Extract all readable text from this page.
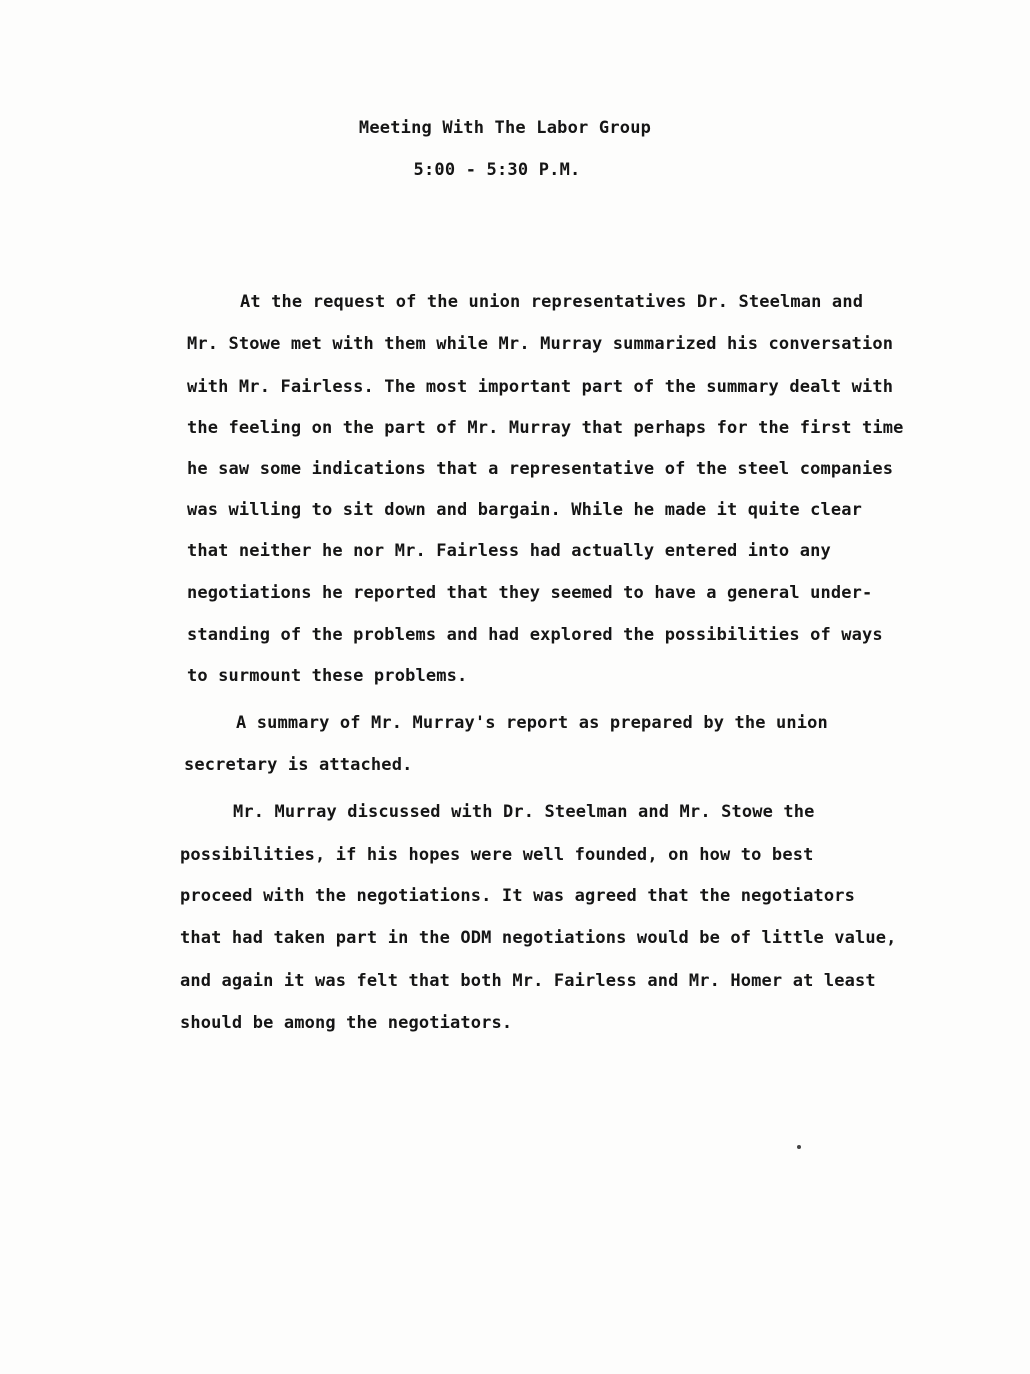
Meeting With The Labor Group
5:00 - 5:30 P.M.
At the request of the union representatives Dr. Steelman and
Mr. Stowe met with them while Mr. Murray summarized his conversation
with Mr. Fairless. The most important part of the summary dealt with
the feeling on the part of Mr. Murray that perhaps for the first time
he saw some indications that a representative of the steel companies
was willing to sit down and bargain. While he made it quite clear
that neither he nor Mr. Fairless had actually entered into any
negotiations he reported that they seemed to have a general under-
standing of the problems and had explored the possibilities of ways
to surmount these problems.
A summary of Mr. Murray's report as prepared by the union
secretary is attached.
Mr. Murray discussed with Dr. Steelman and Mr. Stowe the
possibilities, if his hopes were well founded, on how to best
proceed with the negotiations. It was agreed that the negotiators
that had taken part in the ODM negotiations would be of little value,
and again it was felt that both Mr. Fairless and Mr. Homer at least
should be among the negotiators.
